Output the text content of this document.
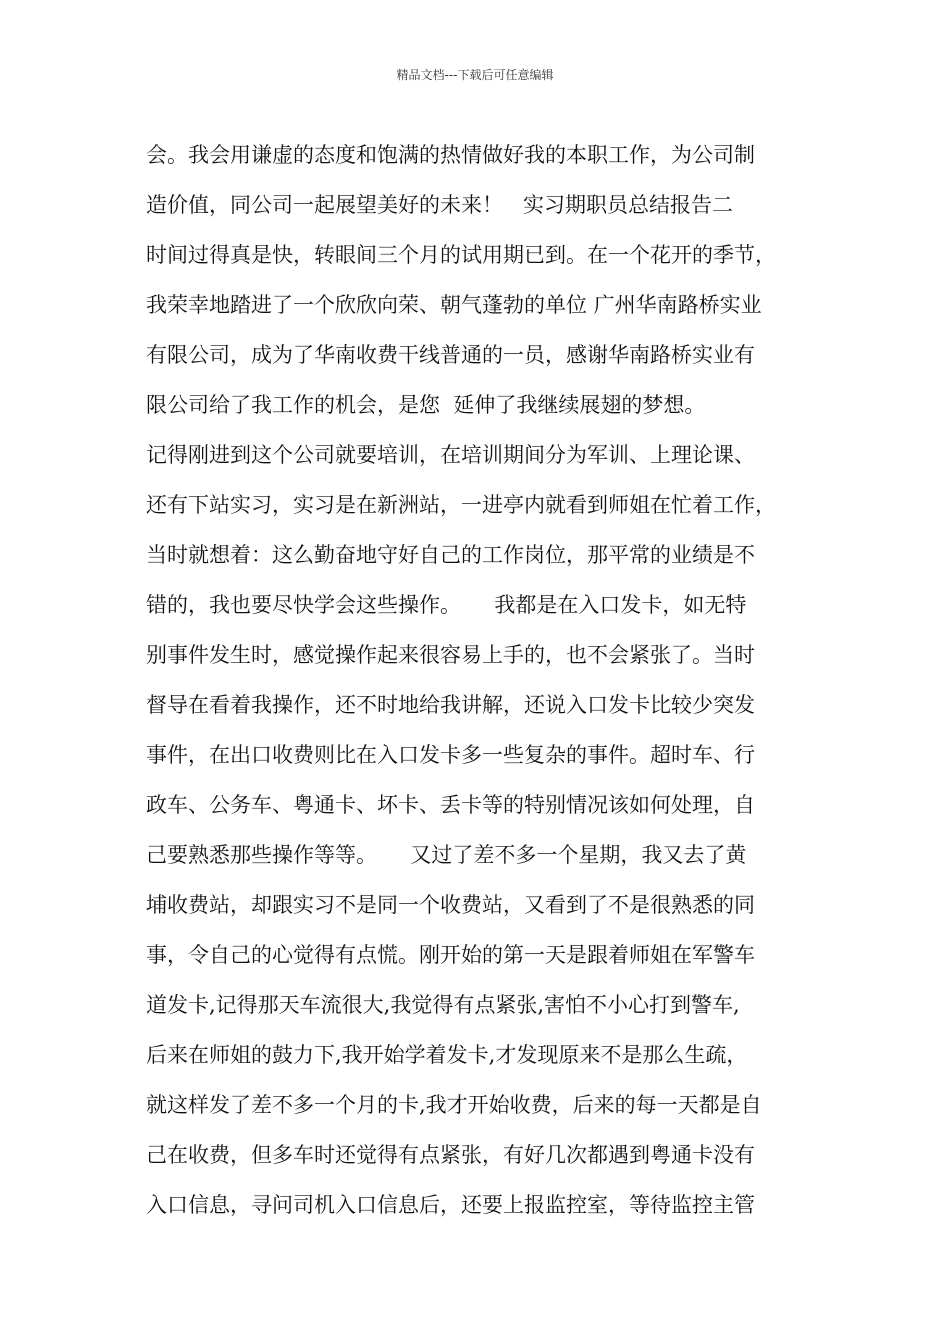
精品文档---下载后可任意编辑
会。我会用谦虚的态度和饱满的热情做好我的本职工作，为公司制
造价值，同公司一起展望美好的未来！   实习期职员总结报告二
时间过得真是快，转眼间三个月的试用期已到。在一个花开的季节，
我荣幸地踏进了一个欣欣向荣、朝气蓬勃的单位 广州华南路桥实业
有限公司，成为了华南收费干线普通的一员，感谢华南路桥实业有
限公司给了我工作的机会，是您  延伸了我继续展翅的梦想。
记得刚进到这个公司就要培训，在培训期间分为军训、上理论课、
还有下站实习，实习是在新洲站，一进亭内就看到师姐在忙着工作，
当时就想着：这么勤奋地守好自己的工作岗位，那平常的业绩是不
错的，我也要尽快学会这些操作。     我都是在入口发卡，如无特
别事件发生时，感觉操作起来很容易上手的，也不会紧张了。当时
督导在看着我操作，还不时地给我讲解，还说入口发卡比较少突发
事件，在出口收费则比在入口发卡多一些复杂的事件。超时车、行
政车、公务车、粤通卡、坏卡、丢卡等的特别情况该如何处理，自
己要熟悉那些操作等等。     又过了差不多一个星期，我又去了黄
埔收费站，却跟实习不是同一个收费站，又看到了不是很熟悉的同
事，令自己的心觉得有点慌。刚开始的第一天是跟着师姐在军警车
道发卡,记得那天车流很大,我觉得有点紧张,害怕不小心打到警车,
后来在师姐的鼓力下,我开始学着发卡,才发现原来不是那么生疏，
就这样发了差不多一个月的卡,我才开始收费，后来的每一天都是自
己在收费，但多车时还觉得有点紧张，有好几次都遇到粤通卡没有
入口信息，寻问司机入口信息后，还要上报监控室，等待监控主管
